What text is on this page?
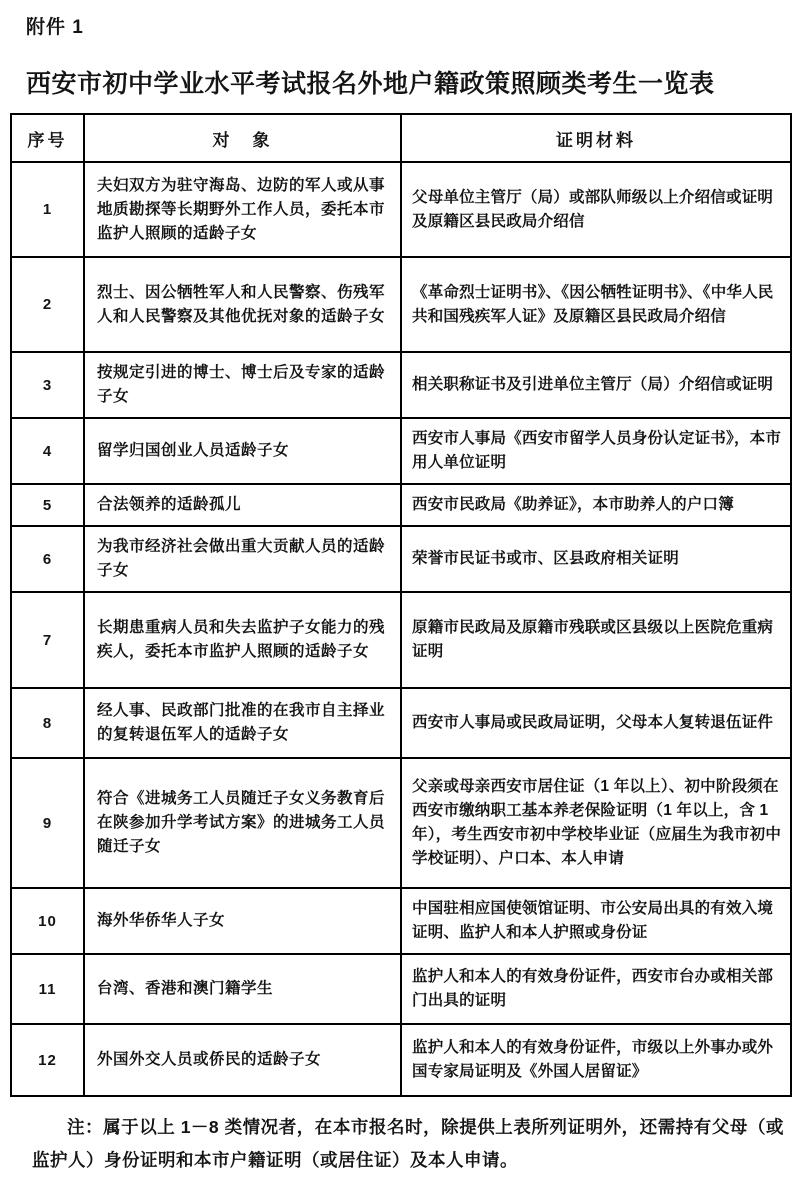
附件 1
西安市初中学业水平考试报名外地户籍政策照顾类考生一览表
序号	对　象	证明材料
1	夫妇双方为驻守海岛、边防的军人或从事地质勘探等长期野外工作人员，委托本市监护人照顾的适龄子女	父母单位主管厅（局）或部队师级以上介绍信或证明及原籍区县民政局介绍信
2	烈士、因公牺牲军人和人民警察、伤残军人和人民警察及其他优抚对象的适龄子女	《革命烈士证明书》、《因公牺牲证明书》、《中华人民共和国残疾军人证》及原籍区县民政局介绍信
3	按规定引进的博士、博士后及专家的适龄子女	相关职称证书及引进单位主管厅（局）介绍信或证明
4	留学归国创业人员适龄子女	西安市人事局《西安市留学人员身份认定证书》，本市用人单位证明
5	合法领养的适龄孤儿	西安市民政局《助养证》，本市助养人的户口簿
6	为我市经济社会做出重大贡献人员的适龄子女	荣誉市民证书或市、区县政府相关证明
7	长期患重病人员和失去监护子女能力的残疾人，委托本市监护人照顾的适龄子女	原籍市民政局及原籍市残联或区县级以上医院危重病证明
8	经人事、民政部门批准的在我市自主择业的复转退伍军人的适龄子女	西安市人事局或民政局证明，父母本人复转退伍证件
9	符合《进城务工人员随迁子女义务教育后在陕参加升学考试方案》的进城务工人员随迁子女	父亲或母亲西安市居住证（1 年以上）、初中阶段须在西安市缴纳职工基本养老保险证明（1 年以上，含 1 年），考生西安市初中学校毕业证（应届生为我市初中学校证明）、户口本、本人申请
10	海外华侨华人子女	中国驻相应国使领馆证明、市公安局出具的有效入境证明、监护人和本人护照或身份证
11	台湾、香港和澳门籍学生	监护人和本人的有效身份证件，西安市台办或相关部门出具的证明
12	外国外交人员或侨民的适龄子女	监护人和本人的有效身份证件，市级以上外事办或外国专家局证明及《外国人居留证》

注：属于以上 1－8 类情况者，在本市报名时，除提供上表所列证明外，还需持有父母（或监护人）身份证明和本市户籍证明（或居住证）及本人申请。
